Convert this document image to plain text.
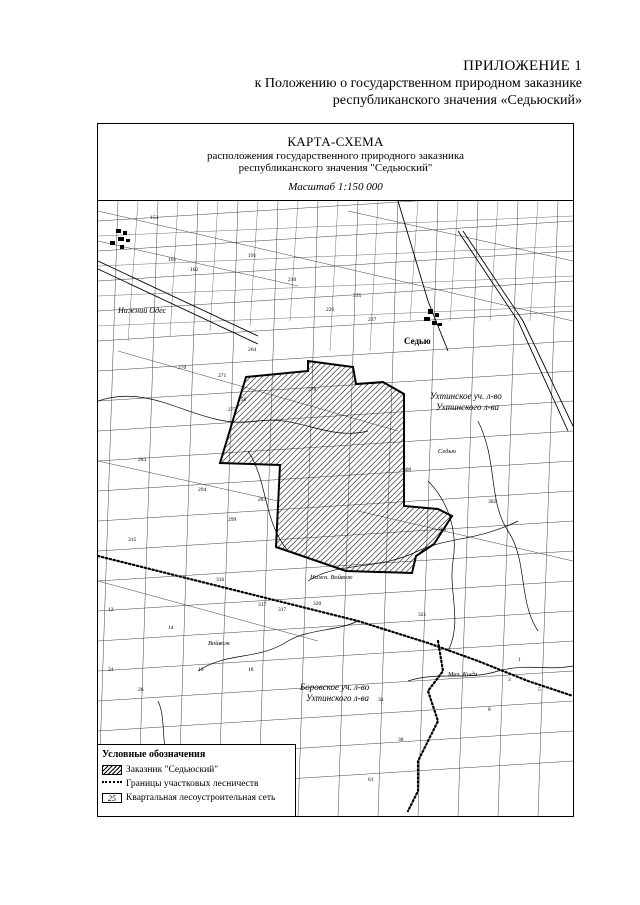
ПРИЛОЖЕНИЕ 1
к Положению о государственном природном заказнике
республиканского значения «Седьюский»
КАРТА-СХЕМА
расположения государственного природного заказника
республиканского значения "Седьюский"
Масштаб 1:150 000
Нижний Одес
Седью
Ухтинское уч. л-во
Ухтинского л-ва
Боровское уч. л-во
Ухтинского л-ва
Нижн. Войвож
Мал. Кыдз
Седью
Войвож
153
161
162
191
210
235
226
237
264
270
271
275
278
283
287
294
299
300
302
306
316
317	320
321
1
3
5
8
12
14
16	18
24
26
34
38
61
258
315
317
Условные обозначения
Заказник "Седьюский"
Границы участковых лесничеств
25	Квартальная лесоустроительная сеть
